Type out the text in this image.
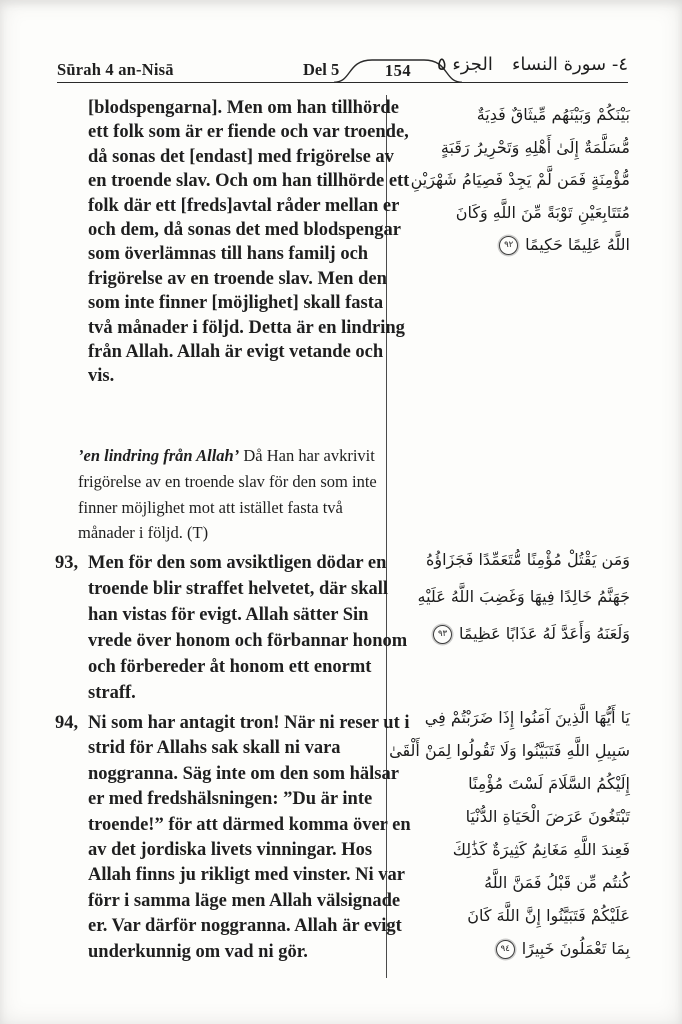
Sūrah 4 an-Nisā	Del 5	154	الجزء ٥ ٤- سورة النساء

[blodspengarna]. Men om han tillhörde ett folk som är er fiende och var troende, då sonas det [endast] med frigörelse av en troende slav. Och om han tillhörde ett folk där ett [freds]avtal råder mellan er och dem, då sonas det med blodspengar som överlämnas till hans familj och frigörelse av en troende slav. Men den som inte finner [möjlighet] skall fasta två månader i följd. Detta är en lindring från Allah. Allah är evigt vetande och vis.

’en lindring från Allah’ Då Han har avkrivit frigörelse av en troende slav för den som inte finner möjlighet mot att istället fasta två månader i följd. (T)

93, Men för den som avsiktligen dödar en troende blir straffet helvetet, där skall han vistas för evigt. Allah sätter Sin vrede över honom och förbannar honom och förbereder åt honom ett enormt straff.

94, Ni som har antagit tron! När ni reser ut i strid för Allahs sak skall ni vara noggranna. Säg inte om den som hälsar er med fredshälsningen: ”Du är inte troende!” för att därmed komma över en av det jordiska livets vinningar. Hos Allah finns ju rikligt med vinster. Ni var förr i samma läge men Allah välsignade er. Var därför noggranna. Allah är evigt underkunnig om vad ni gör.

بَيْنَكُمْ وَبَيْنَهُم مِّيثَاقٌ فَدِيَةٌ
مُّسَلَّمَةٌ إِلَىٰ أَهْلِهِ وَتَحْرِيرُ رَقَبَةٍ
مُّؤْمِنَةٍ فَمَن لَّمْ يَجِدْ فَصِيَامُ شَهْرَيْنِ
مُتَتَابِعَيْنِ تَوْبَةً مِّنَ اللَّهِ وَكَانَ
اللَّهُ عَلِيمًا حَكِيمًا
٩٢
وَمَن يَقْتُلْ مُؤْمِنًا مُّتَعَمِّدًا فَجَزَاؤُهُ
جَهَنَّمُ خَالِدًا فِيهَا وَغَضِبَ اللَّهُ عَلَيْهِ
وَلَعَنَهُ وَأَعَدَّ لَهُ عَذَابًا عَظِيمًا
٩٣
يَا أَيُّهَا الَّذِينَ آمَنُوا إِذَا ضَرَبْتُمْ فِي
سَبِيلِ اللَّهِ فَتَبَيَّنُوا وَلَا تَقُولُوا لِمَنْ أَلْقَىٰ
إِلَيْكُمُ السَّلَامَ لَسْتَ مُؤْمِنًا
تَبْتَغُونَ عَرَضَ الْحَيَاةِ الدُّنْيَا
فَعِندَ اللَّهِ مَغَانِمُ كَثِيرَةٌ كَذَٰلِكَ
كُنتُم مِّن قَبْلُ فَمَنَّ اللَّهُ
عَلَيْكُمْ فَتَبَيَّنُوا إِنَّ اللَّهَ كَانَ
بِمَا تَعْمَلُونَ خَبِيرًا
٩٤
